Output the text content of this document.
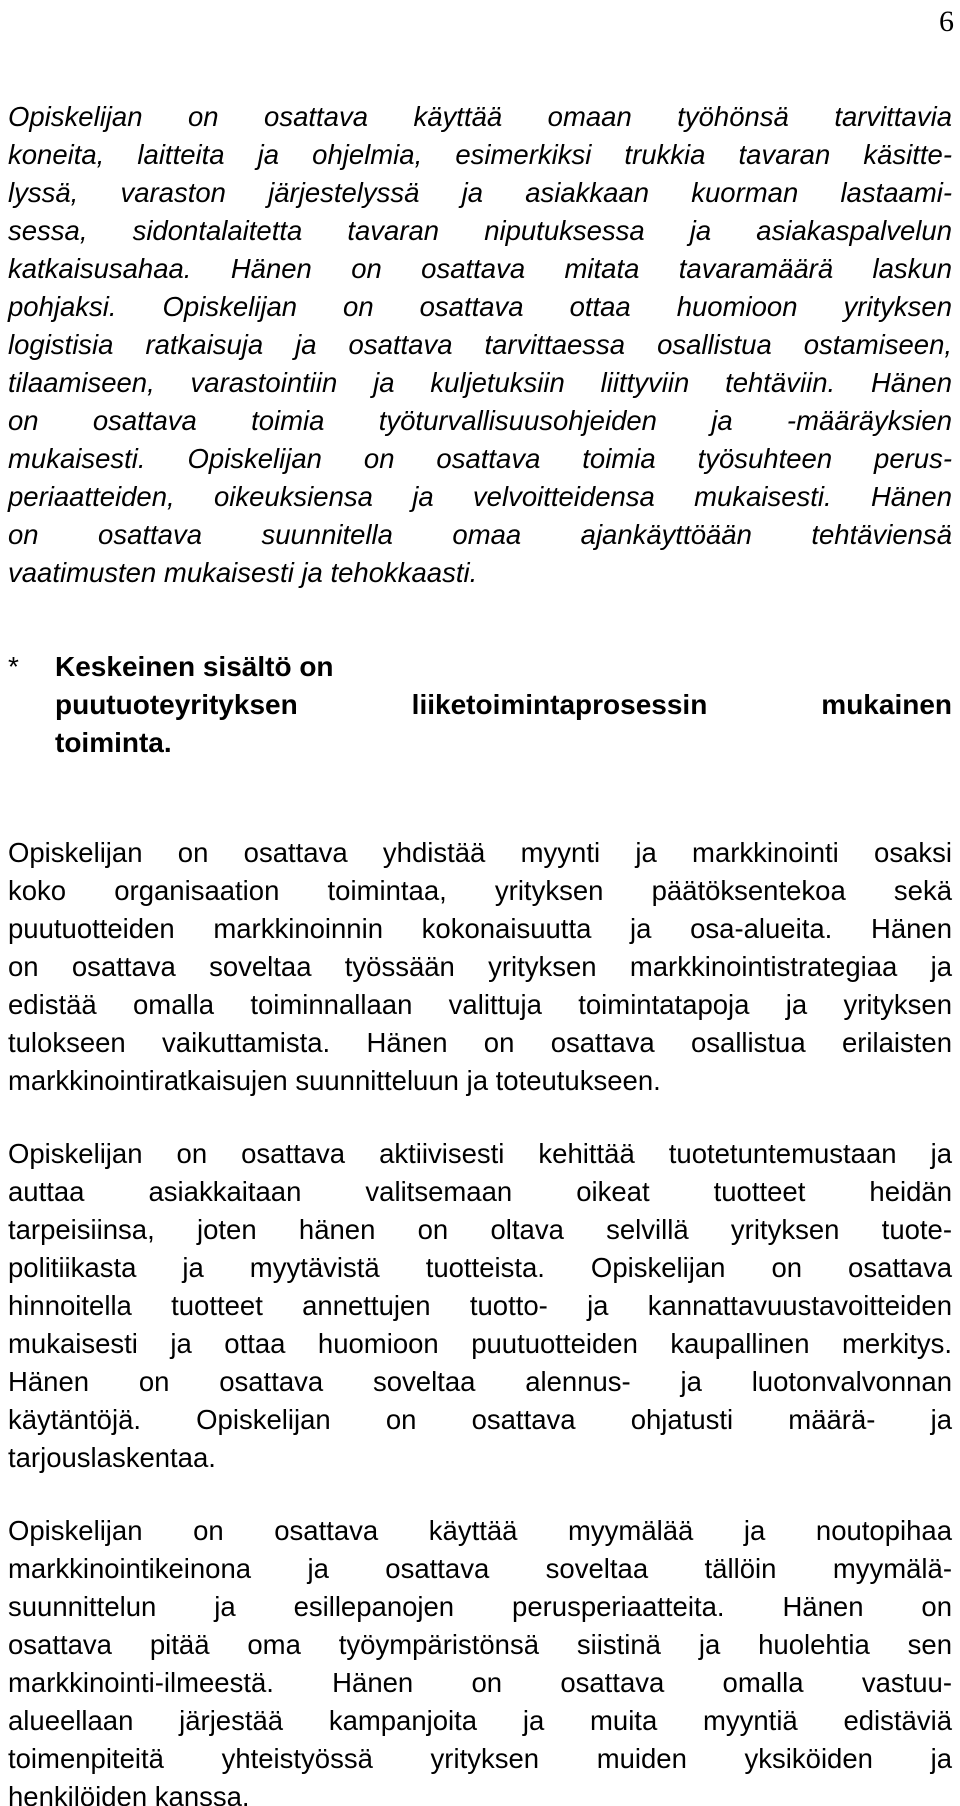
6
Opiskelijan on osattava käyttää omaan työhönsä tarvittavia
koneita, laitteita ja ohjelmia, esimerkiksi trukkia tavaran käsitte-
lyssä, varaston järjestelyssä ja asiakkaan kuorman lastaami-
sessa, sidontalaitetta tavaran niputuksessa ja asiakaspalvelun
katkaisusahaa. Hänen on osattava mitata tavaramäärä laskun
pohjaksi. Opiskelijan on osattava ottaa huomioon yrityksen
logistisia ratkaisuja ja osattava tarvittaessa osallistua ostamiseen,
tilaamiseen, varastointiin ja kuljetuksiin liittyviin tehtäviin. Hänen
on osattava toimia työturvallisuusohjeiden ja -määräyksien
mukaisesti. Opiskelijan on osattava toimia työsuhteen perus-
periaatteiden, oikeuksiensa ja velvoitteidensa mukaisesti. Hänen
on osattava suunnitella omaa ajankäyttöään tehtäviensä
vaatimusten mukaisesti ja tehokkaasti.
* Keskeinen sisältö on
puutuoteyrityksen liiketoimintaprosessin mukainen
toiminta.
Opiskelijan on osattava yhdistää myynti ja markkinointi osaksi
koko organisaation toimintaa, yrityksen päätöksentekoa sekä
puutuotteiden markkinoinnin kokonaisuutta ja osa-alueita. Hänen
on osattava soveltaa työssään yrityksen markkinointistrategiaa ja
edistää omalla toiminnallaan valittuja toimintatapoja ja yrityksen
tulokseen vaikuttamista. Hänen on osattava osallistua erilaisten
markkinointiratkaisujen suunnitteluun ja toteutukseen.
Opiskelijan on osattava aktiivisesti kehittää tuotetuntemustaan ja
auttaa asiakkaitaan valitsemaan oikeat tuotteet heidän
tarpeisiinsa, joten hänen on oltava selvillä yrityksen tuote-
politiikasta ja myytävistä tuotteista. Opiskelijan on osattava
hinnoitella tuotteet annettujen tuotto- ja kannattavuustavoitteiden
mukaisesti ja ottaa huomioon puutuotteiden kaupallinen merkitys.
Hänen on osattava soveltaa alennus- ja luotonvalvonnan
käytäntöjä. Opiskelijan on osattava ohjatusti määrä- ja
tarjouslaskentaa.
Opiskelijan on osattava käyttää myymälää ja noutopihaa
markkinointikeinona ja osattava soveltaa tällöin myymälä-
suunnittelun ja esillepanojen perusperiaatteita. Hänen on
osattava pitää oma työympäristönsä siistinä ja huolehtia sen
markkinointi-ilmeestä. Hänen on osattava omalla vastuu-
alueellaan järjestää kampanjoita ja muita myyntiä edistäviä
toimenpiteitä yhteistyössä yrityksen muiden yksiköiden ja
henkilöiden kanssa.
